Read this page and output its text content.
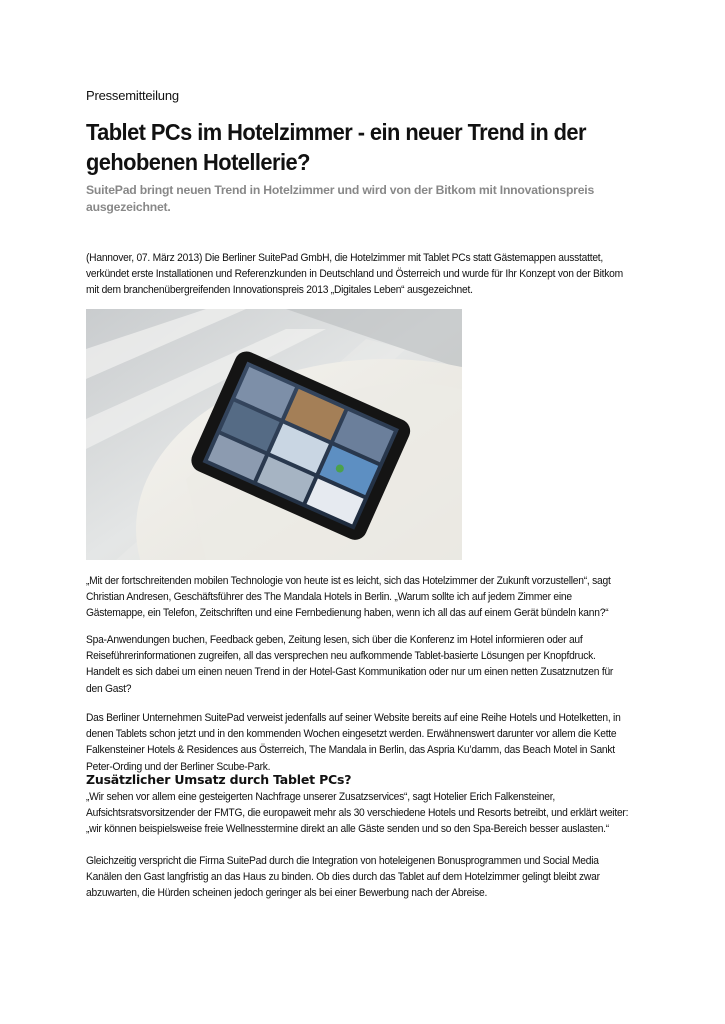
Pressemitteilung
Tablet PCs im Hotelzimmer - ein neuer Trend in der gehobenen Hotellerie?
SuitePad bringt neuen Trend in Hotelzimmer und wird von der Bitkom mit Innovationspreis ausgezeichnet.
(Hannover, 07. März 2013) Die Berliner SuitePad GmbH, die Hotelzimmer mit Tablet PCs statt Gästemappen ausstattet, verkündet erste Installationen und Referenzkunden in Deutschland und Österreich und wurde für Ihr Konzept von der Bitkom mit dem branchenübergreifenden Innovationspreis 2013 „Digitales Leben“ ausgezeichnet.
„Mit der fortschreitenden mobilen Technologie von heute ist es leicht, sich das Hotelzimmer der Zukunft vorzustellen“, sagt Christian Andresen, Geschäftsführer des The Mandala Hotels in Berlin. „Warum sollte ich auf jedem Zimmer eine Gästemappe, ein Telefon, Zeitschriften und eine Fernbedienung haben, wenn ich all das auf einem Gerät bündeln kann?“
Spa-Anwendungen buchen, Feedback geben, Zeitung lesen, sich über die Konferenz im Hotel informieren oder auf Reiseführerinformationen zugreifen, all das versprechen neu aufkommende Tablet-basierte Lösungen per Knopfdruck. Handelt es sich dabei um einen neuen Trend in der Hotel-Gast Kommunikation oder nur um einen netten Zusatznutzen für den Gast?
Das Berliner Unternehmen SuitePad verweist jedenfalls auf seiner Website bereits auf eine Reihe Hotels und Hotelketten, in denen Tablets schon jetzt und in den kommenden Wochen eingesetzt werden. Erwähnenswert darunter vor allem die Kette Falkensteiner Hotels & Residences aus Österreich, The Mandala in Berlin, das Aspria Ku’damm, das Beach Motel in Sankt Peter-Ording und der Berliner Scube-Park.
Zusätzlicher Umsatz durch Tablet PCs?
„Wir sehen vor allem eine gesteigerten Nachfrage unserer Zusatzservices“, sagt Hotelier Erich Falkensteiner, Aufsichtsratsvorsitzender der FMTG, die europaweit mehr als 30 verschiedene Hotels und Resorts betreibt, und erklärt weiter: „wir können beispielsweise freie Wellnesstermine direkt an alle Gäste senden und so den Spa-Bereich besser auslasten.“
Gleichzeitig verspricht die Firma SuitePad durch die Integration von hoteleigenen Bonusprogrammen und Social Media Kanälen den Gast langfristig an das Haus zu binden. Ob dies durch das Tablet auf dem Hotelzimmer gelingt bleibt zwar abzuwarten, die Hürden scheinen jedoch geringer als bei einer Bewerbung nach der Abreise.
